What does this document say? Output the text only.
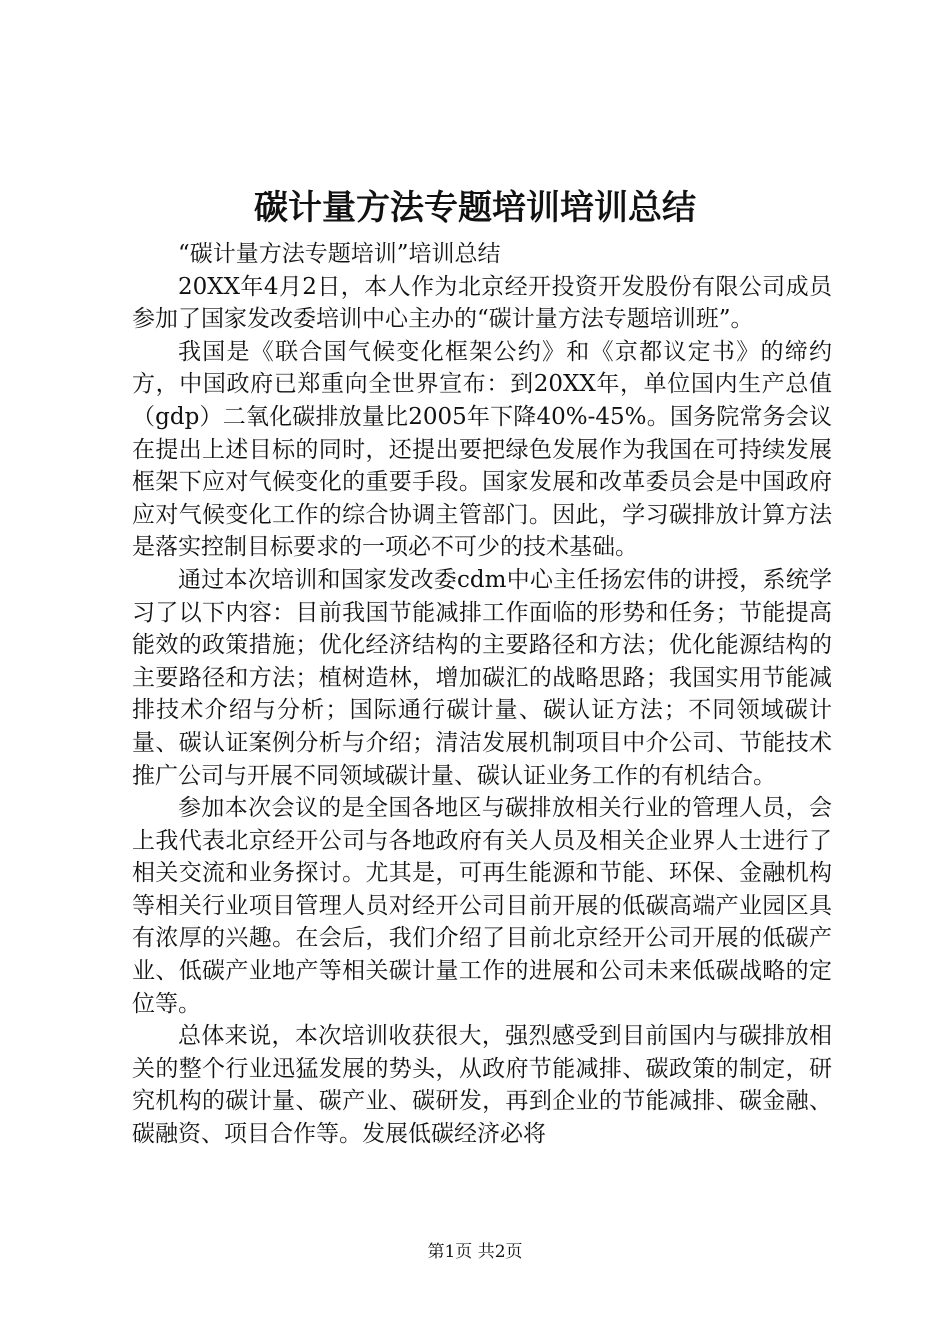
碳计量方法专题培训培训总结

“碳计量方法专题培训”培训总结

20XX年4月2日，本人作为北京经开投资开发股份有限公司成员参加了国家发改委培训中心主办的“碳计量方法专题培训班”。

我国是《联合国气候变化框架公约》和《京都议定书》的缔约方，中国政府已郑重向全世界宣布：到20XX年，单位国内生产总值（gdp）二氧化碳排放量比2005年下降40%-45%。国务院常务会议在提出上述目标的同时，还提出要把绿色发展作为我国在可持续发展框架下应对气候变化的重要手段。国家发展和改革委员会是中国政府应对气候变化工作的综合协调主管部门。因此，学习碳排放计算方法是落实控制目标要求的一项必不可少的技术基础。

通过本次培训和国家发改委cdm中心主任扬宏伟的讲授，系统学习了以下内容：目前我国节能减排工作面临的形势和任务；节能提高能效的政策措施；优化经济结构的主要路径和方法；优化能源结构的主要路径和方法；植树造林，增加碳汇的战略思路；我国实用节能减排技术介绍与分析；国际通行碳计量、碳认证方法；不同领域碳计量、碳认证案例分析与介绍；清洁发展机制项目中介公司、节能技术推广公司与开展不同领域碳计量、碳认证业务工作的有机结合。

参加本次会议的是全国各地区与碳排放相关行业的管理人员，会上我代表北京经开公司与各地政府有关人员及相关企业界人士进行了相关交流和业务探讨。尤其是，可再生能源和节能、环保、金融机构等相关行业项目管理人员对经开公司目前开展的低碳高端产业园区具有浓厚的兴趣。在会后，我们介绍了目前北京经开公司开展的低碳产业、低碳产业地产等相关碳计量工作的进展和公司未来低碳战略的定位等。

总体来说，本次培训收获很大，强烈感受到目前国内与碳排放相关的整个行业迅猛发展的势头，从政府节能减排、碳政策的制定，研究机构的碳计量、碳产业、碳研发，再到企业的节能减排、碳金融、碳融资、项目合作等。发展低碳经济必将

第1页 共2页
